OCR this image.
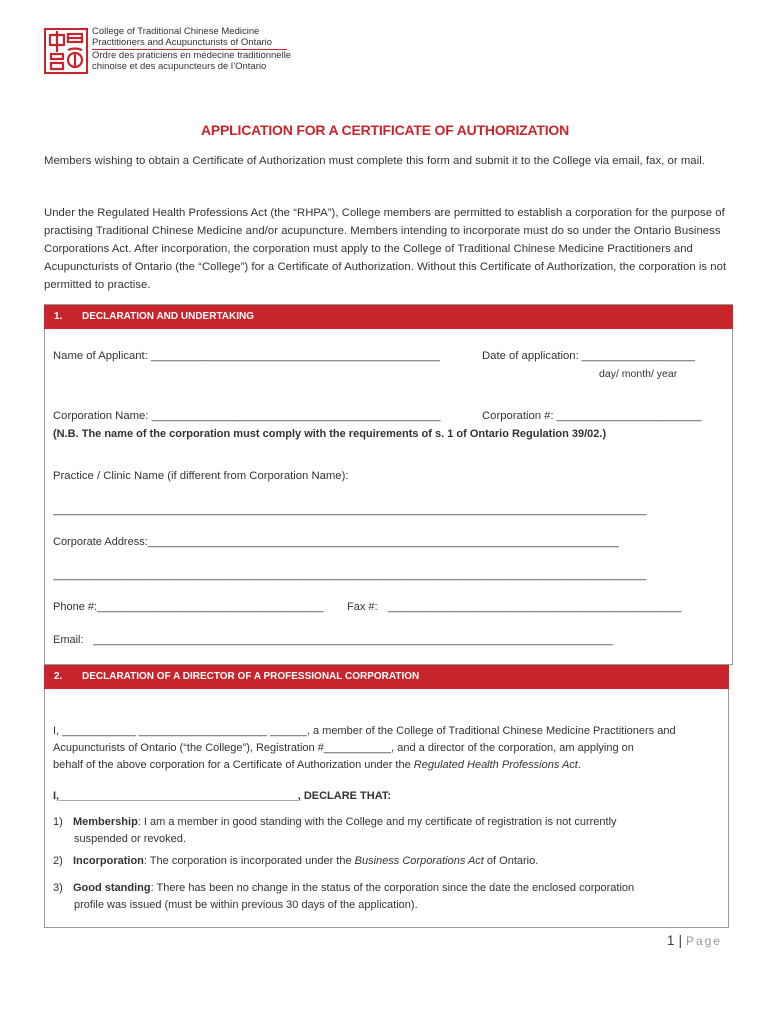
College of Traditional Chinese Medicine
Practitioners and Acupuncturists of Ontario
Ordre des praticiens en médecine traditionnelle
chinoise et des acupuncteurs de l’Ontario
APPLICATION FOR A CERTIFICATE OF AUTHORIZATION
Members wishing to obtain a Certificate of Authorization must complete this form and submit it to the College via email, fax, or mail.
Under the Regulated Health Professions Act (the “RHPA”), College members are permitted to establish a corporation for the purpose of practising Traditional Chinese Medicine and/or acupuncture. Members intending to incorporate must do so under the Ontario Business Corporations Act. After incorporation, the corporation must apply to the College of Traditional Chinese Medicine Practitioners and Acupuncturists of Ontario (the “College”) for a Certificate of Authorization. Without this Certificate of Authorization, the corporation is not permitted to practise.
1. DECLARATION AND UNDERTAKING
Name of Applicant: ______________________________________________	Date of application: __________________
day/ month/ year
Corporation Name: ______________________________________________	Corporation #: _______________________
(N.B. The name of the corporation must comply with the requirements of s. 1 of Ontario Regulation 39/02.)
Practice / Clinic Name (if different from Corporation Name):
_________________________________________________________________________________________________
Corporate Address:_____________________________________________________________________________
_________________________________________________________________________________________________
Phone #:_____________________________________ Fax #: ________________________________________________
Email: _____________________________________________________________________________________
2. DECLARATION OF A DIRECTOR OF A PROFESSIONAL CORPORATION
I, ____________ _____________________ ______, a member of the College of Traditional Chinese Medicine Practitioners and
Acupuncturists of Ontario (“the College”), Registration #___________, and a director of the corporation, am applying on
behalf of the above corporation for a Certificate of Authorization under the Regulated Health Professions Act.
I,_______________________________________, DECLARE THAT:
1) Membership: I am a member in good standing with the College and my certificate of registration is not currently
suspended or revoked.
2) Incorporation: The corporation is incorporated under the Business Corporations Act of Ontario.
3) Good standing: There has been no change in the status of the corporation since the date the enclosed corporation
profile was issued (must be within previous 30 days of the application).
1 | Page
